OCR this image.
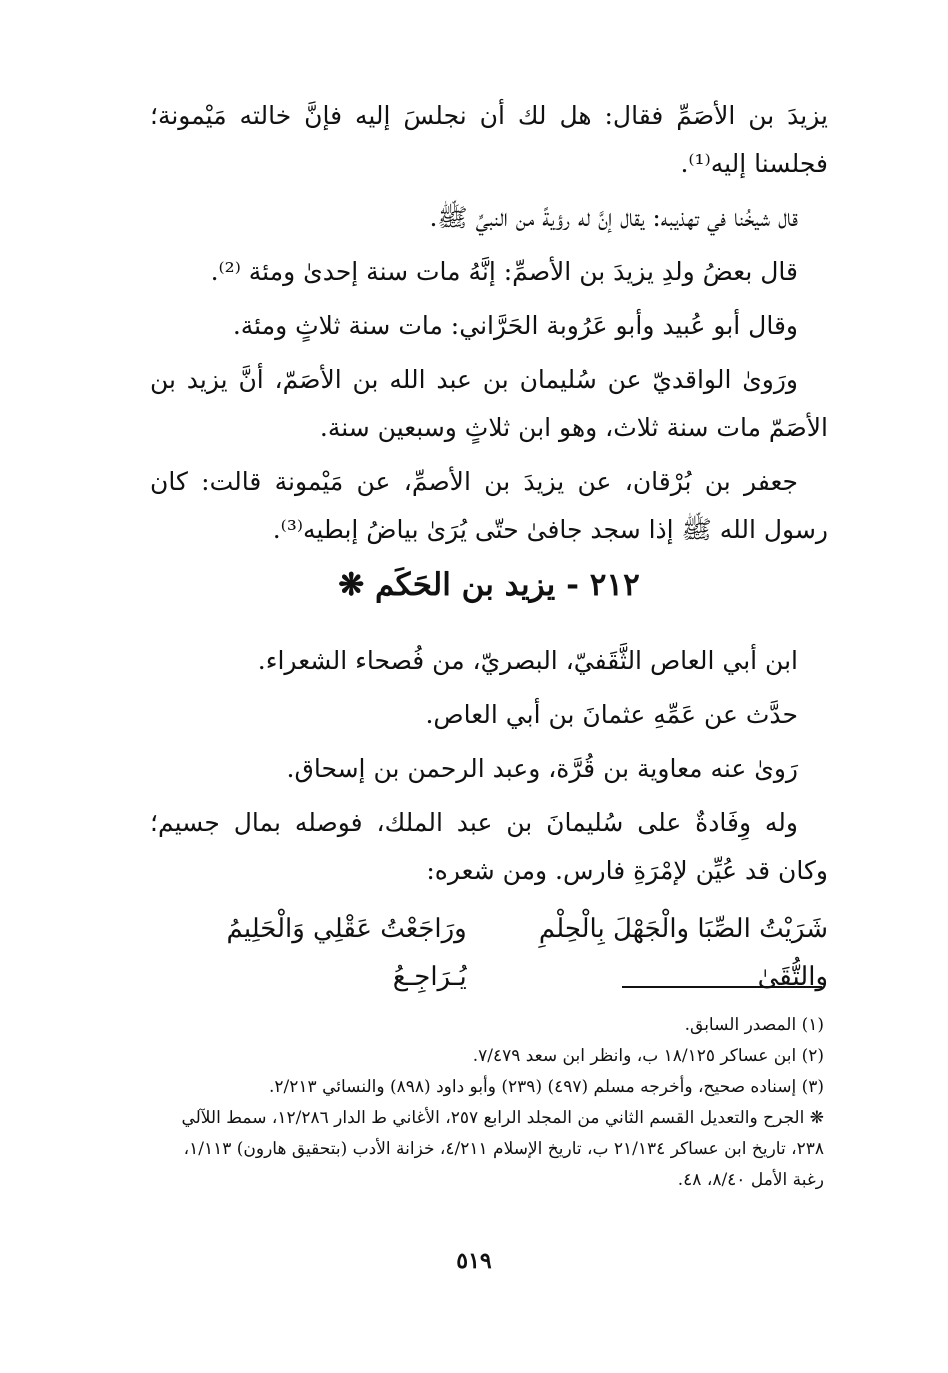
يزيدَ بن الأصَمِّ فقال: هل لك أن نجلسَ إليه فإنَّ خالته مَيْمونة؛ فجلسنا إليه⁽¹⁾.

قال شيخُنا في تهذيبه: يقال إنَّ له رؤيةً من النبيِّ ﷺ.

قال بعضُ ولدِ يزيدَ بن الأصمِّ: إنَّهُ مات سنة إحدىٰ ومئة ⁽²⁾.

وقال أبو عُبيد وأبو عَرُوبة الحَرَّاني: مات سنة ثلاثٍ ومئة.

ورَوىٰ الواقديّ عن سُليمان بن عبد الله بن الأصَمّ، أنَّ يزيد بن الأصَمّ مات سنة ثلاث، وهو ابن ثلاثٍ وسبعين سنة.

جعفر بن بُرْقان، عن يزيدَ بن الأصمِّ، عن مَيْمونة قالت: كان رسول الله ﷺ إذا سجد جافىٰ حتّى يُرَىٰ بياضُ إبطيه⁽³⁾.

٢١٢ - يزيد بن الحَكَم ❋

ابن أبي العاص الثَّقَفيّ، البصريّ، من فُصحاء الشعراء.

حدَّث عن عَمِّهِ عثمانَ بن أبي العاص.

رَوىٰ عنه معاوية بن قُرَّة، وعبد الرحمن بن إسحاق.

وله وِفَادةٌ على سُليمانَ بن عبد الملك، فوصله بمال جسيم؛ وكان قد عُيِّن لإمْرَةِ فارس. ومن شعره:

شَرَيْتُ الصِّبَا والْجَهْلَ بِالْحِلْمِ والتُّقَىٰ
ورَاجَعْتُ عَقْلِي وَالْحَلِيمُ يُـرَاجِـعُ

(١) المصدر السابق.

(٢) ابن عساكر ١٨/١٢٥ ب، وانظر ابن سعد ٧/٤٧٩.

(٣) إسناده صحيح، وأخرجه مسلم (٤٩٧) (٢٣٩) وأبو داود (٨٩٨) والنسائي ٢/٢١٣.

❋ الجرح والتعديل القسم الثاني من المجلد الرابع ٢٥٧، الأغاني ط الدار ١٢/٢٨٦، سمط اللآلي ٢٣٨، تاريخ ابن عساكر ٢١/١٣٤ ب، تاريخ الإسلام ٤/٢١١، خزانة الأدب (بتحقيق هارون) ١/١١٣، رغبة الأمل ٨/٤٠، ٤٨.

٥١٩
